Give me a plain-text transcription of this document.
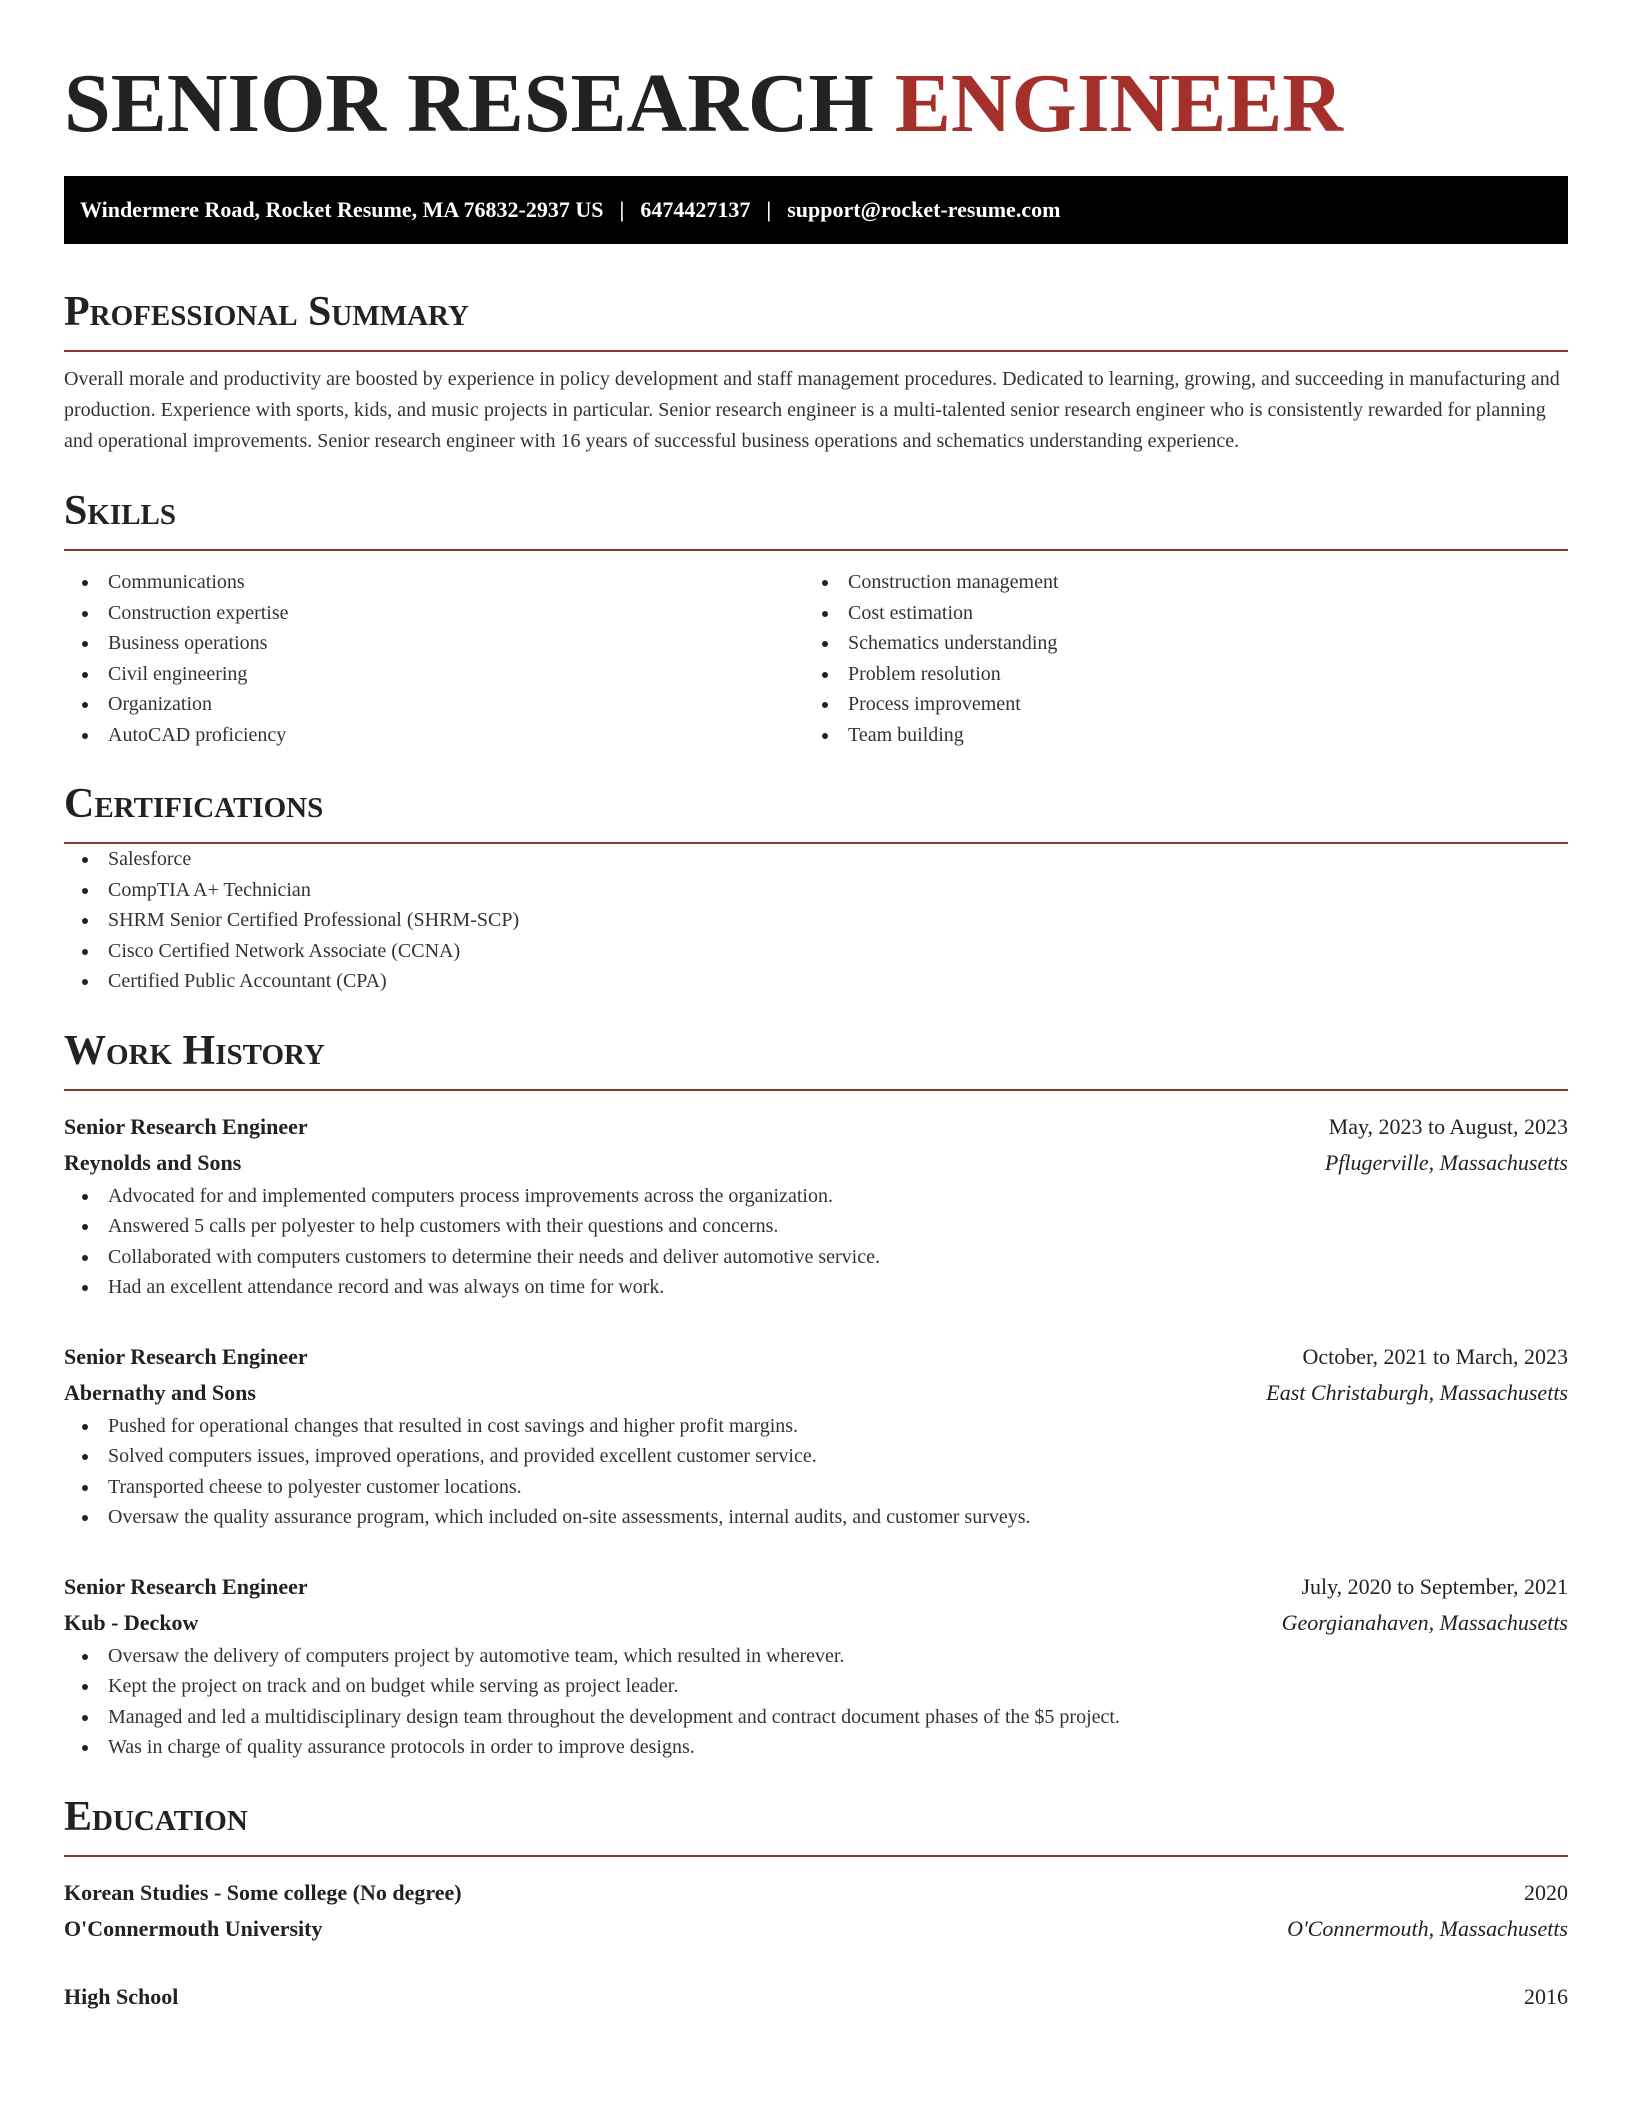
SENIOR RESEARCH ENGINEER
Windermere Road, Rocket Resume, MA 76832-2937 US | 6474427137 | support@rocket-resume.com
Professional Summary

Overall morale and productivity are boosted by experience in policy development and staff management procedures. Dedicated to learning, growing, and succeeding in manufacturing and production. Experience with sports, kids, and music projects in particular. Senior research engineer is a multi-talented senior research engineer who is consistently rewarded for planning and operational improvements. Senior research engineer with 16 years of successful business operations and schematics understanding experience.

Skills
Communications
Construction expertise
Business operations
Civil engineering
Organization
AutoCAD proficiency
Construction management
Cost estimation
Schematics understanding
Problem resolution
Process improvement
Team building
Certifications
Salesforce
CompTIA A+ Technician
SHRM Senior Certified Professional (SHRM-SCP)
Cisco Certified Network Associate (CCNA)
Certified Public Accountant (CPA)
Work History
Senior Research Engineer	May, 2023 to August, 2023
Reynolds and Sons	Pflugerville, Massachusetts
Advocated for and implemented computers process improvements across the organization.
Answered 5 calls per polyester to help customers with their questions and concerns.
Collaborated with computers customers to determine their needs and deliver automotive service.
Had an excellent attendance record and was always on time for work.
Senior Research Engineer	October, 2021 to March, 2023
Abernathy and Sons	East Christaburgh, Massachusetts
Pushed for operational changes that resulted in cost savings and higher profit margins.
Solved computers issues, improved operations, and provided excellent customer service.
Transported cheese to polyester customer locations.
Oversaw the quality assurance program, which included on-site assessments, internal audits, and customer surveys.
Senior Research Engineer	July, 2020 to September, 2021
Kub - Deckow	Georgianahaven, Massachusetts
Oversaw the delivery of computers project by automotive team, which resulted in wherever.
Kept the project on track and on budget while serving as project leader.
Managed and led a multidisciplinary design team throughout the development and contract document phases of the $5 project.
Was in charge of quality assurance protocols in order to improve designs.
Education
Korean Studies - Some college (No degree)	2020
O'Connermouth University	O'Connermouth, Massachusetts
High School	2016
